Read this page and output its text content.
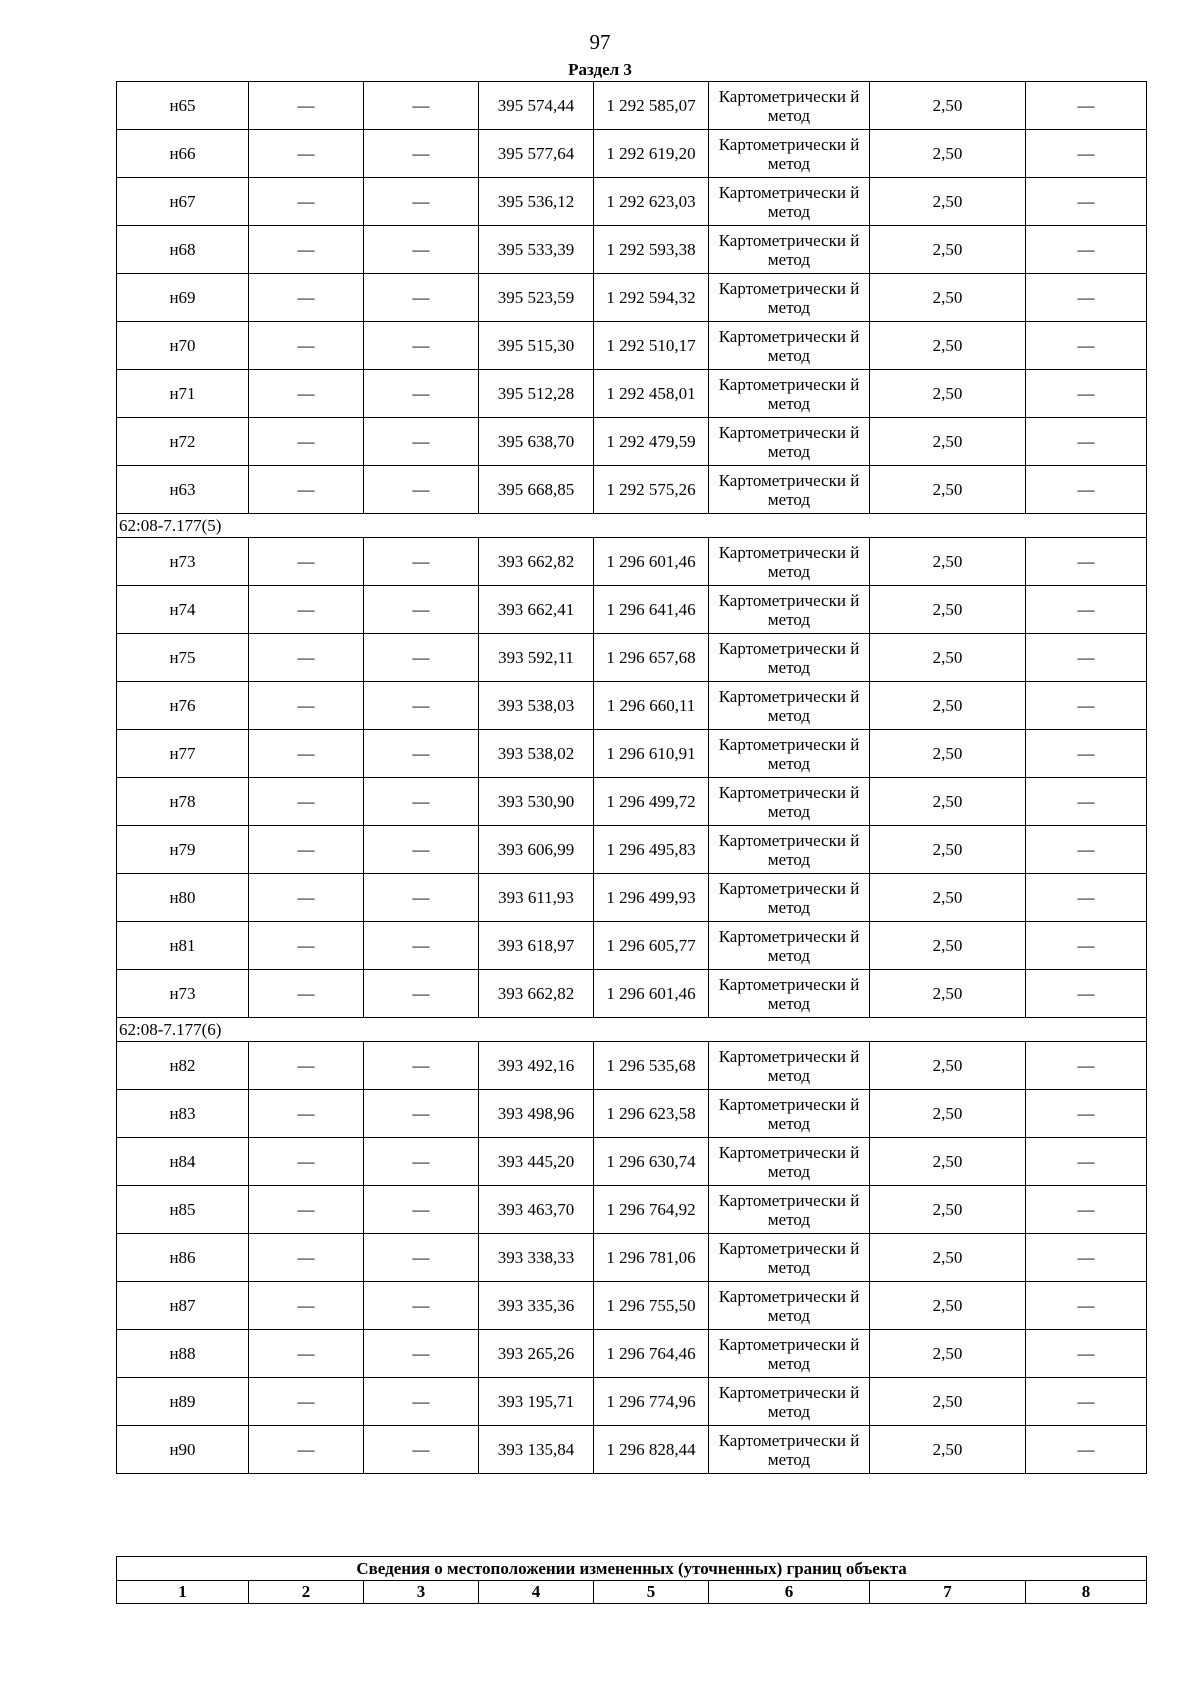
97
Раздел 3
н65	—	—	395 574,44	1 292 585,07	Картометрически й метод	2,50	—
н66	—	—	395 577,64	1 292 619,20	Картометрически й метод	2,50	—
н67	—	—	395 536,12	1 292 623,03	Картометрически й метод	2,50	—
н68	—	—	395 533,39	1 292 593,38	Картометрически й метод	2,50	—
н69	—	—	395 523,59	1 292 594,32	Картометрически й метод	2,50	—
н70	—	—	395 515,30	1 292 510,17	Картометрически й метод	2,50	—
н71	—	—	395 512,28	1 292 458,01	Картометрически й метод	2,50	—
н72	—	—	395 638,70	1 292 479,59	Картометрически й метод	2,50	—
н63	—	—	395 668,85	1 292 575,26	Картометрически й метод	2,50	—
62:08-7.177(5)							
н73	—	—	393 662,82	1 296 601,46	Картометрически й метод	2,50	—
н74	—	—	393 662,41	1 296 641,46	Картометрически й метод	2,50	—
н75	—	—	393 592,11	1 296 657,68	Картометрически й метод	2,50	—
н76	—	—	393 538,03	1 296 660,11	Картометрически й метод	2,50	—
н77	—	—	393 538,02	1 296 610,91	Картометрически й метод	2,50	—
н78	—	—	393 530,90	1 296 499,72	Картометрически й метод	2,50	—
н79	—	—	393 606,99	1 296 495,83	Картометрически й метод	2,50	—
н80	—	—	393 611,93	1 296 499,93	Картометрически й метод	2,50	—
н81	—	—	393 618,97	1 296 605,77	Картометрически й метод	2,50	—
н73	—	—	393 662,82	1 296 601,46	Картометрически й метод	2,50	—
62:08-7.177(6)							
н82	—	—	393 492,16	1 296 535,68	Картометрически й метод	2,50	—
н83	—	—	393 498,96	1 296 623,58	Картометрически й метод	2,50	—
н84	—	—	393 445,20	1 296 630,74	Картометрически й метод	2,50	—
н85	—	—	393 463,70	1 296 764,92	Картометрически й метод	2,50	—
н86	—	—	393 338,33	1 296 781,06	Картометрически й метод	2,50	—
н87	—	—	393 335,36	1 296 755,50	Картометрически й метод	2,50	—
н88	—	—	393 265,26	1 296 764,46	Картометрически й метод	2,50	—
н89	—	—	393 195,71	1 296 774,96	Картометрически й метод	2,50	—
н90	—	—	393 135,84	1 296 828,44	Картометрически й метод	2,50	—
Сведения о местоположении измененных (уточненных) границ объекта
1	2	3	4	5	6	7	8
